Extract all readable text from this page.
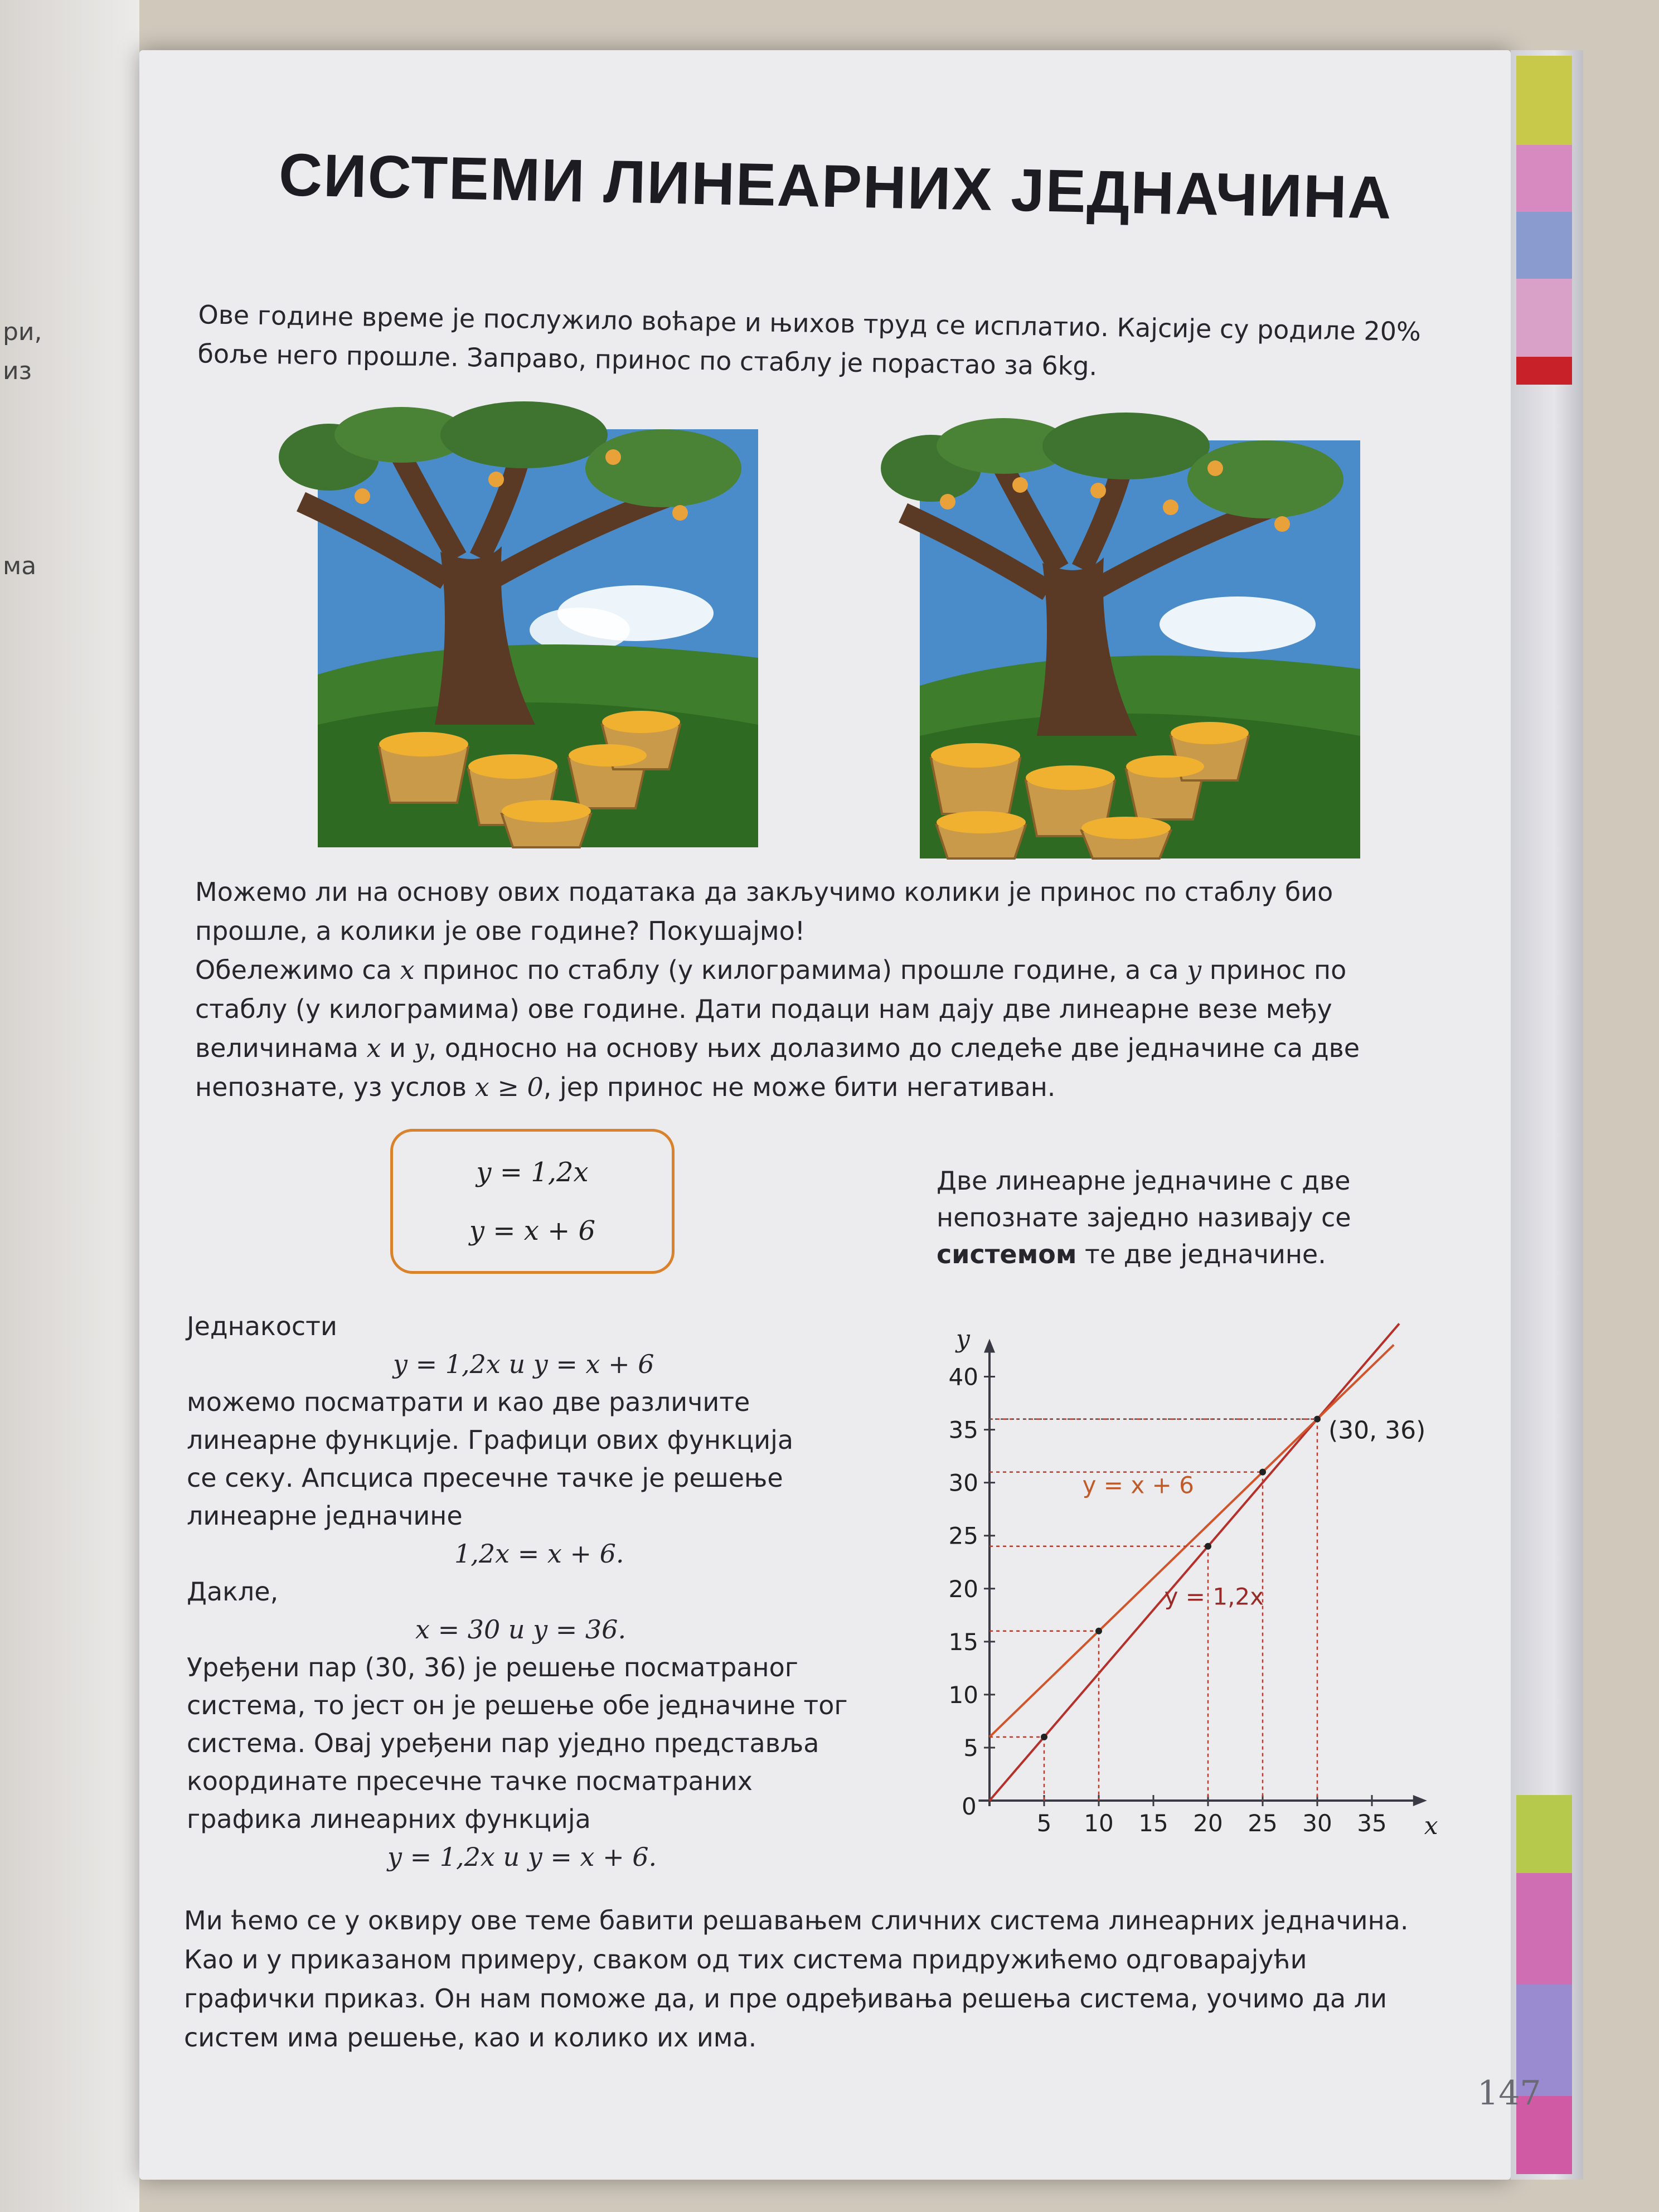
ри,
из
ма
СИСТЕМИ ЛИНЕАРНИХ ЈЕДНАЧИНА

Ове године време је послужило воћаре и њихов труд се исплатио. Кајсије су родиле 20%

боље него прошле. Заправо, принос по стаблу је порастао за 6kg.

Можемо ли на основу ових података да закључимо колики је принос по стаблу био

прошле, а колики је ове године? Покушајмо!

Обележимо са x принос по стаблу (у килограмима) прошле године, а са y принос по

стаблу (у килограмима) ове године. Дати подаци нам дају две линеарне везе међу

величинама x и y, односно на основу њих долазимо до следеће две једначине са две

непознате, уз услов x ≥ 0, јер принос не може бити негативан.

y = 1,2x
y = x + 6

Две линеарне једначине с две

непознате заједно називају се

системом те две једначине.

Једнакости

y = 1,2x и y = x + 6

можемо посматрати и као две различите

линеарне функције. Графици ових функција

се секу. Апсциса пресечне тачке је решење

линеарне једначине

1,2x = x + 6.

Дакле,

x = 30 и y = 36.

Уређени пар (30, 36) је решење посматраног

система, то јест он је решење обе једначине тог

система. Овај уређени пар уједно представља

координате пресечне тачке посматраних

графика линеарних функција

y = 1,2x и y = x + 6.

x
y
0
5 10 15 20 25 30 35
5
10
15
20
25
30
35
40
(30, 36)
y = x + 6
y = 1,2x

Ми ћемо се у оквиру ове теме бавити решавањем сличних система линеарних једначина.

Као и у приказаном примеру, сваком од тих система придружићемо одговарајући

графички приказ. Он нам поможе да, и пре одређивања решења система, уочимо да ли

систем има решење, као и колико их има.

147
